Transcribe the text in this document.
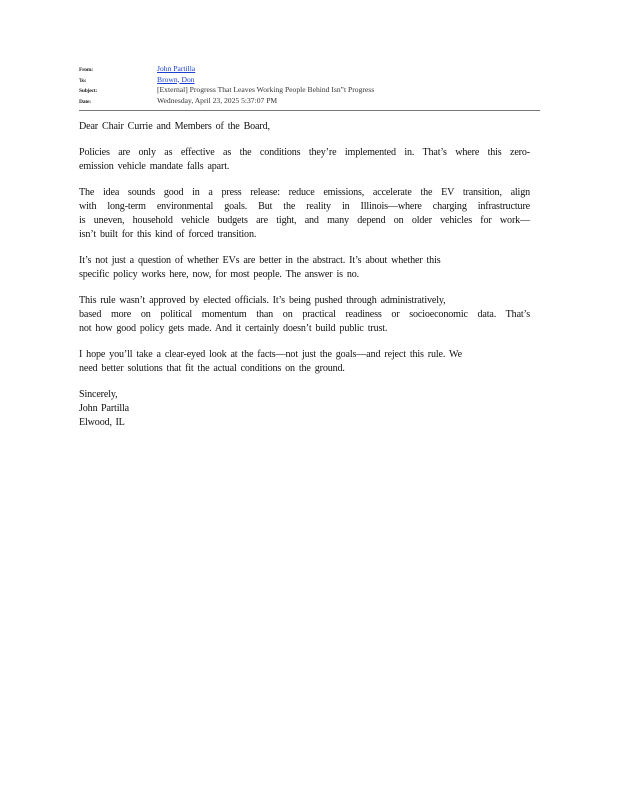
From:	John Partilla
To:	Brown, Don
Subject:	[External] Progress That Leaves Working People Behind Isn‟t Progress
Date:	Wednesday, April 23, 2025 5:37:07 PM

Dear Chair Currie and Members of the Board,

Policies are only as effective as the conditions they’re implemented in. That’s where this zero-
emission vehicle mandate falls apart.

The idea sounds good in a press release: reduce emissions, accelerate the EV transition, align
with long-term environmental goals. But the reality in Illinois—where charging infrastructure
is uneven, household vehicle budgets are tight, and many depend on older vehicles for work—
isn’t built for this kind of forced transition.

It’s not just a question of whether EVs are better in the abstract. It’s about whether this
specific policy works here, now, for most people. The answer is no.

This rule wasn’t approved by elected officials. It’s being pushed through administratively,
based more on political momentum than on practical readiness or socioeconomic data. That’s
not how good policy gets made. And it certainly doesn’t build public trust.

I hope you’ll take a clear-eyed look at the facts—not just the goals—and reject this rule. We
need better solutions that fit the actual conditions on the ground.

Sincerely,
John Partilla
Elwood, IL
